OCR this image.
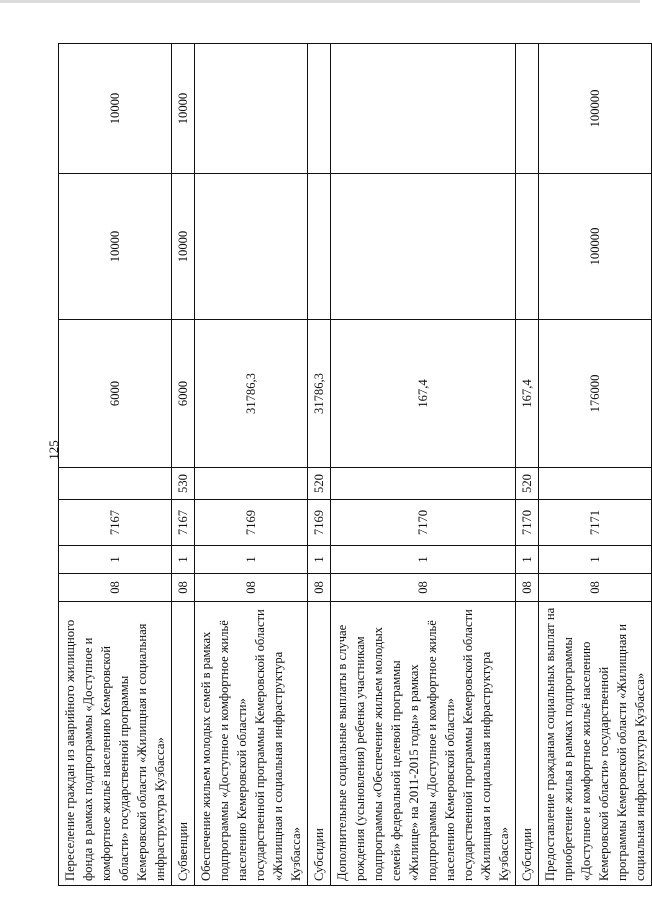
125
Переселение граждан из аварийного жилищного фонда в рамках подпрограммы «Доступное и комфортное жильё населению Кемеровской области» государственной программы Кемеровской области «Жилищная и социальная инфраструктура Кузбасса»	08	1	7167		6000	10000	10000
Субвенции	08	1	7167	530	6000	10000	10000
Обеспечение жильем молодых семей в рамках подпрограммы «Доступное и комфортное жильё населению Кемеровской области» государственной программы Кемеровской области «Жилищная и социальная инфраструктура Кузбасса»	08	1	7169		31786,3		
Субсидии	08	1	7169	520	31786,3		
Дополнительные социальные выплаты в случае рождения (усыновления) ребенка участникам подпрограммы «Обеспечение жильем молодых семей» федеральной целевой программы «Жилище» на 2011-2015 годы» в рамках подпрограммы «Доступное и комфортное жильё населению Кемеровской области» государственной программы Кемеровской области «Жилищная и социальная инфраструктура Кузбасса»	08	1	7170		167,4		
Субсидии	08	1	7170	520	167,4		
Предоставление гражданам социальных выплат на приобретение жилья в рамках подпрограммы «Доступное и комфортное жильё населению Кемеровской области» государственной программы Кемеровской области «Жилищная и социальная инфраструктура Кузбасса»	08	1	7171		176000	100000	100000
